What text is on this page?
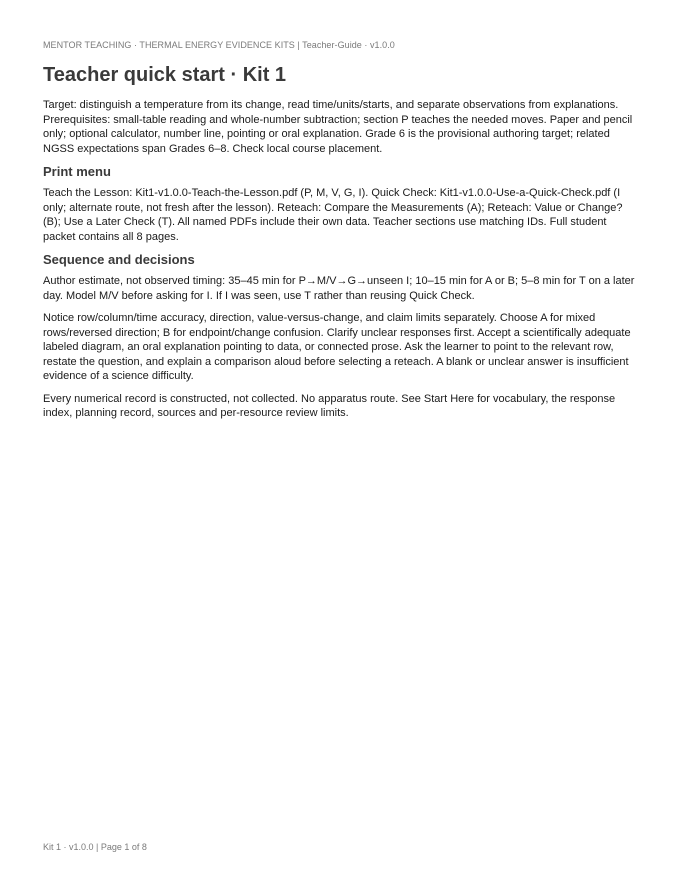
MENTOR TEACHING · THERMAL ENERGY EVIDENCE KITS | Teacher-Guide · v1.0.0
Teacher quick start · Kit 1

Target: distinguish a temperature from its change, read time/units/starts, and separate observations from explanations. Prerequisites: small-table reading and whole-number subtraction; section P teaches the needed moves. Paper and pencil only; optional calculator, number line, pointing or oral explanation. Grade 6 is the provisional authoring target; related NGSS expectations span Grades 6–8. Check local course placement.

Print menu

Teach the Lesson: Kit1-v1.0.0-Teach-the-Lesson.pdf (P, M, V, G, I). Quick Check: Kit1-v1.0.0-Use-a-Quick-Check.pdf (I only; alternate route, not fresh after the lesson). Reteach: Compare the Measurements (A); Reteach: Value or Change? (B); Use a Later Check (T). All named PDFs include their own data. Teacher sections use matching IDs. Full student packet contains all 8 pages.

Sequence and decisions

Author estimate, not observed timing: 35–45 min for P→M/V→G→unseen I; 10–15 min for A or B; 5–8 min for T on a later day. Model M/V before asking for I. If I was seen, use T rather than reusing Quick Check.

Notice row/column/time accuracy, direction, value-versus-change, and claim limits separately. Choose A for mixed rows/reversed direction; B for endpoint/change confusion. Clarify unclear responses first. Accept a scientifically adequate labeled diagram, an oral explanation pointing to data, or connected prose. Ask the learner to point to the relevant row, restate the question, and explain a comparison aloud before selecting a reteach. A blank or unclear answer is insufficient evidence of a science difficulty.

Every numerical record is constructed, not collected. No apparatus route. See Start Here for vocabulary, the response index, planning record, sources and per-resource review limits.

Kit 1 · v1.0.0 | Page 1 of 8
